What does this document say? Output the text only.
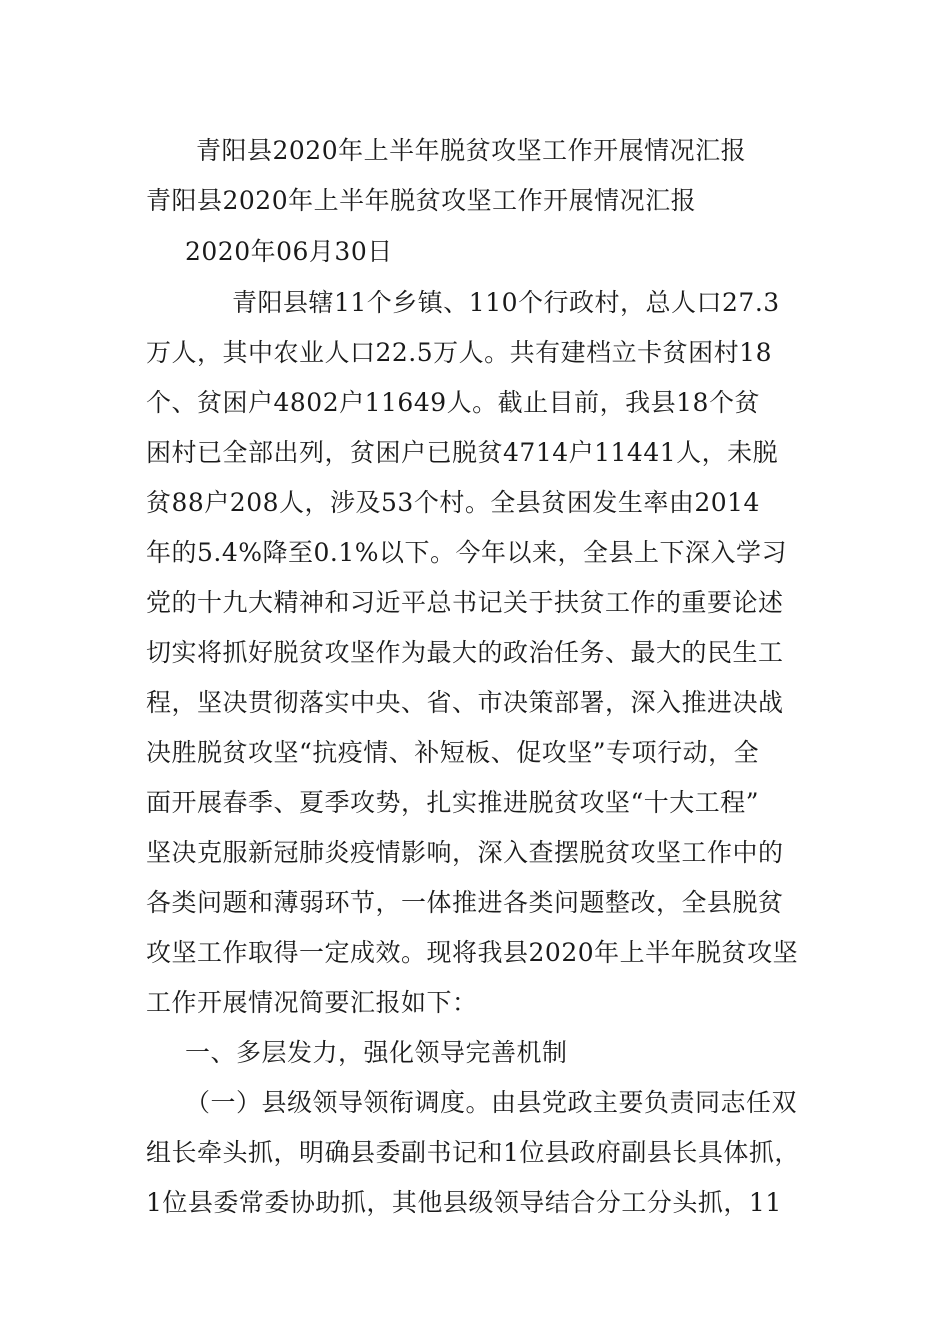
青阳县2020年上半年脱贫攻坚工作开展情况汇报
青阳县2020年上半年脱贫攻坚工作开展情况汇报
2020年06月30日
青阳县辖11个乡镇、110个行政村，总人口27.3
万人，其中农业人口22.5万人。共有建档立卡贫困村18
个、贫困户4802户11649人。截止目前，我县18个贫
困村已全部出列，贫困户已脱贫4714户11441人，未脱
贫88户208人，涉及53个村。全县贫困发生率由2014
年的5.4%降至0.1%以下。今年以来，全县上下深入学习
党的十九大精神和习近平总书记关于扶贫工作的重要论述
切实将抓好脱贫攻坚作为最大的政治任务、最大的民生工
程，坚决贯彻落实中央、省、市决策部署，深入推进决战
决胜脱贫攻坚“抗疫情、补短板、促攻坚”专项行动，全
面开展春季、夏季攻势，扎实推进脱贫攻坚“十大工程”
坚决克服新冠肺炎疫情影响，深入查摆脱贫攻坚工作中的
各类问题和薄弱环节，一体推进各类问题整改，全县脱贫
攻坚工作取得一定成效。现将我县2020年上半年脱贫攻坚
工作开展情况简要汇报如下：
一、多层发力，强化领导完善机制
（一）县级领导领衔调度。由县党政主要负责同志任双
组长牵头抓，明确县委副书记和1位县政府副县长具体抓，
1位县委常委协助抓，其他县级领导结合分工分头抓，11
